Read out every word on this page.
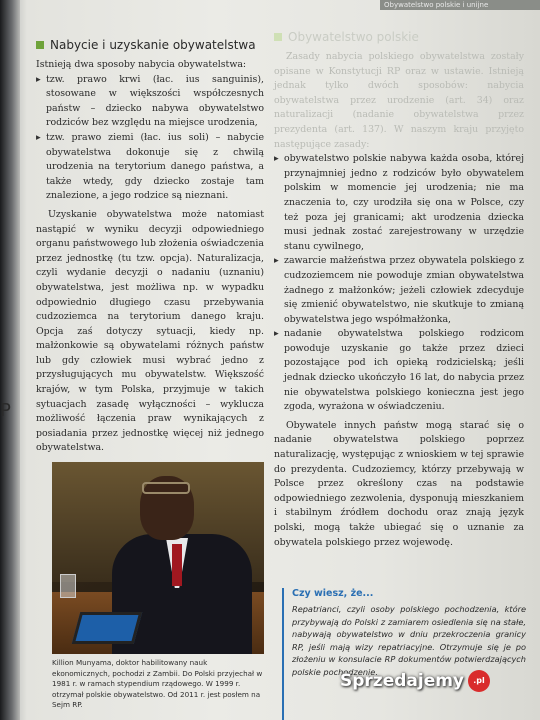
P
Obywatelstwo polskie i unijne
Nabycie i uzyskanie obywatelstwa

Istnieją dwa sposoby nabycia obywatelstwa:

▸ tzw. prawo krwi (łac. ius sanguinis), stosowane w większości współczesnych państw – dziecko nabywa obywatelstwo rodziców bez względu na miejsce urodzenia,
▸ tzw. prawo ziemi (łac. ius soli) – nabycie obywatelstwa dokonuje się z chwilą urodzenia na terytorium danego państwa, a także wtedy, gdy dziecko zostaje tam znalezione, a jego rodzice są nieznani.

Uzyskanie obywatelstwa może natomiast nastąpić w wyniku decyzji odpowiedniego organu państwowego lub złożenia oświadczenia przez jednostkę (tu tzw. opcja). Naturalizacja, czyli wydanie decyzji o nadaniu (uznaniu) obywatelstwa, jest możliwa np. w wypadku odpowiednio długiego czasu przebywania cudzoziemca na terytorium danego kraju. Opcja zaś dotyczy sytuacji, kiedy np. małżonkowie są obywatelami różnych państw lub gdy człowiek musi wybrać jedno z przysługujących mu obywatelstw. Większość krajów, w tym Polska, przyjmuje w takich sytuacjach zasadę wyłączności – wyklucza możliwość łączenia praw wynikających z posiadania przez jednostkę więcej niż jednego obywatelstwa.

Killion Munyama, doktor habilitowany nauk ekonomicznych, pochodzi z Zambii. Do Polski przyjechał w 1981 r. w ramach stypendium rządowego. W 1999 r. otrzymał polskie obywatelstwo. Od 2011 r. jest posłem na Sejm RP.
Obywatelstwo polskie

Zasady nabycia polskiego obywatelstwa zostały opisane w Konstytucji RP oraz w ustawie. Istnieją jednak tylko dwóch sposobów: nabycia obywatelstwa przez urodzenie (art. 34) oraz naturalizacji (nadanie obywatelstwa przez prezydenta (art. 137). W naszym kraju przyjęto następujące zasady:

▸ obywatelstwo polskie nabywa każda osoba, której przynajmniej jedno z rodziców było obywatelem polskim w momencie jej urodzenia; nie ma znaczenia to, czy urodziła się ona w Polsce, czy też poza jej granicami; akt urodzenia dziecka musi jednak zostać zarejestrowany w urzędzie stanu cywilnego,
▸ zawarcie małżeństwa przez obywatela polskiego z cudzoziemcem nie powoduje zmian obywatelstwa żadnego z małżonków; jeżeli człowiek zdecyduje się zmienić obywatelstwo, nie skutkuje to zmianą obywatelstwa jego współmałżonka,
▸ nadanie obywatelstwa polskiego rodzicom powoduje uzyskanie go także przez dzieci pozostające pod ich opieką rodzicielską; jeśli jednak dziecko ukończyło 16 lat, do nabycia przez nie obywatelstwa polskiego konieczna jest jego zgoda, wyrażona w oświadczeniu.

Obywatele innych państw mogą starać się o nadanie obywatelstwa polskiego poprzez naturalizację, występując z wnioskiem w tej sprawie do prezydenta. Cudzoziemcy, którzy przebywają w Polsce przez określony czas na podstawie odpowiedniego zezwolenia, dysponują mieszkaniem i stabilnym źródłem dochodu oraz znają język polski, mogą także ubiegać się o uznanie za obywatela polskiego przez wojewodę.

Czy wiesz, że...
Repatrianci, czyli osoby polskiego pochodzenia, które przybywają do Polski z zamiarem osiedlenia się na stałe, nabywają obywatelstwo w dniu przekroczenia granicy RP, jeśli mają wizy repatriacyjne. Otrzymuje się je po złożeniu w konsulacie RP dokumentów potwierdzających polskie pochodzenie.
Sprzedajemy	.pl
